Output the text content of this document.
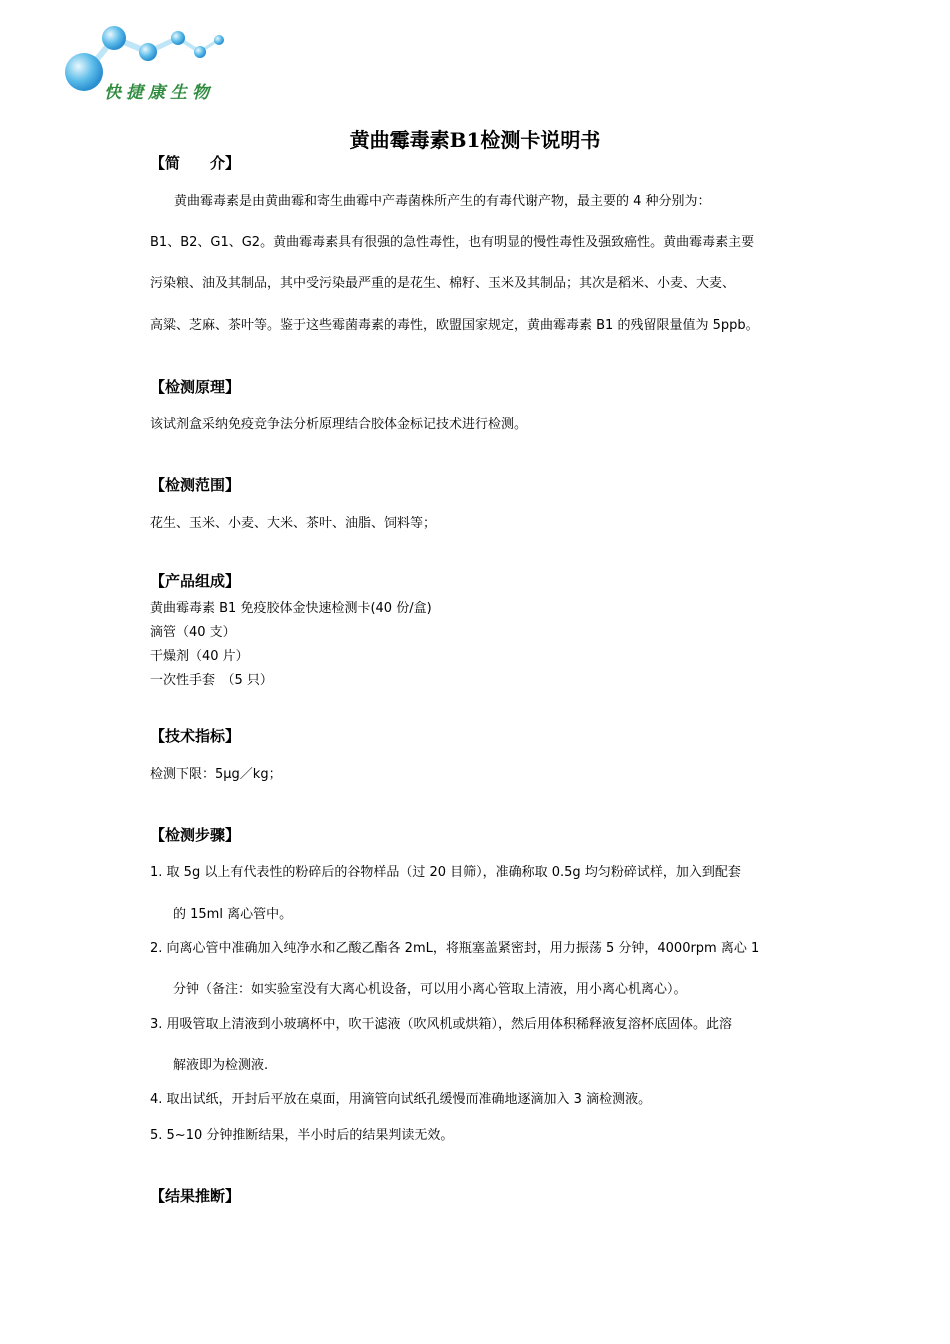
快捷康生物
黄曲霉毒素B1检测卡说明书
【简　　介】
黄曲霉毒素是由黄曲霉和寄生曲霉中产毒菌株所产生的有毒代谢产物，最主要的 4 种分别为：
B1、B2、G1、G2。黄曲霉毒素具有很强的急性毒性，也有明显的慢性毒性及强致癌性。黄曲霉毒素主要
污染粮、油及其制品，其中受污染最严重的是花生、棉籽、玉米及其制品；其次是稻米、小麦、大麦、
高粱、芝麻、茶叶等。鉴于这些霉菌毒素的毒性，欧盟国家规定，黄曲霉毒素 B1 的残留限量值为 5ppb。
【检测原理】
该试剂盒采纳免疫竞争法分析原理结合胶体金标记技术进行检测。
【检测范围】
花生、玉米、小麦、大米、茶叶、油脂、饲料等；
【产品组成】
黄曲霉毒素 B1 免疫胶体金快速检测卡(40 份/盒)
滴管（40 支）
干燥剂（40 片）
一次性手套　（5 只）
【技术指标】
检测下限：5μg／kg；
【检测步骤】
1. 取 5g 以上有代表性的粉碎后的谷物样品（过 20 目筛），准确称取 0.5g 均匀粉碎试样，加入到配套
的 15ml 离心管中。
2. 向离心管中准确加入纯净水和乙酸乙酯各 2mL，将瓶塞盖紧密封，用力振荡 5 分钟，4000rpm 离心 1
分钟（备注：如实验室没有大离心机设备，可以用小离心管取上清液，用小离心机离心）。
3. 用吸管取上清液到小玻璃杯中，吹干滤液（吹风机或烘箱），然后用体积稀释液复溶杯底固体。此溶
解液即为检测液.
4. 取出试纸，开封后平放在桌面，用滴管向试纸孔缓慢而准确地逐滴加入 3 滴检测液。
5. 5~10 分钟推断结果，半小时后的结果判读无效。
【结果推断】
